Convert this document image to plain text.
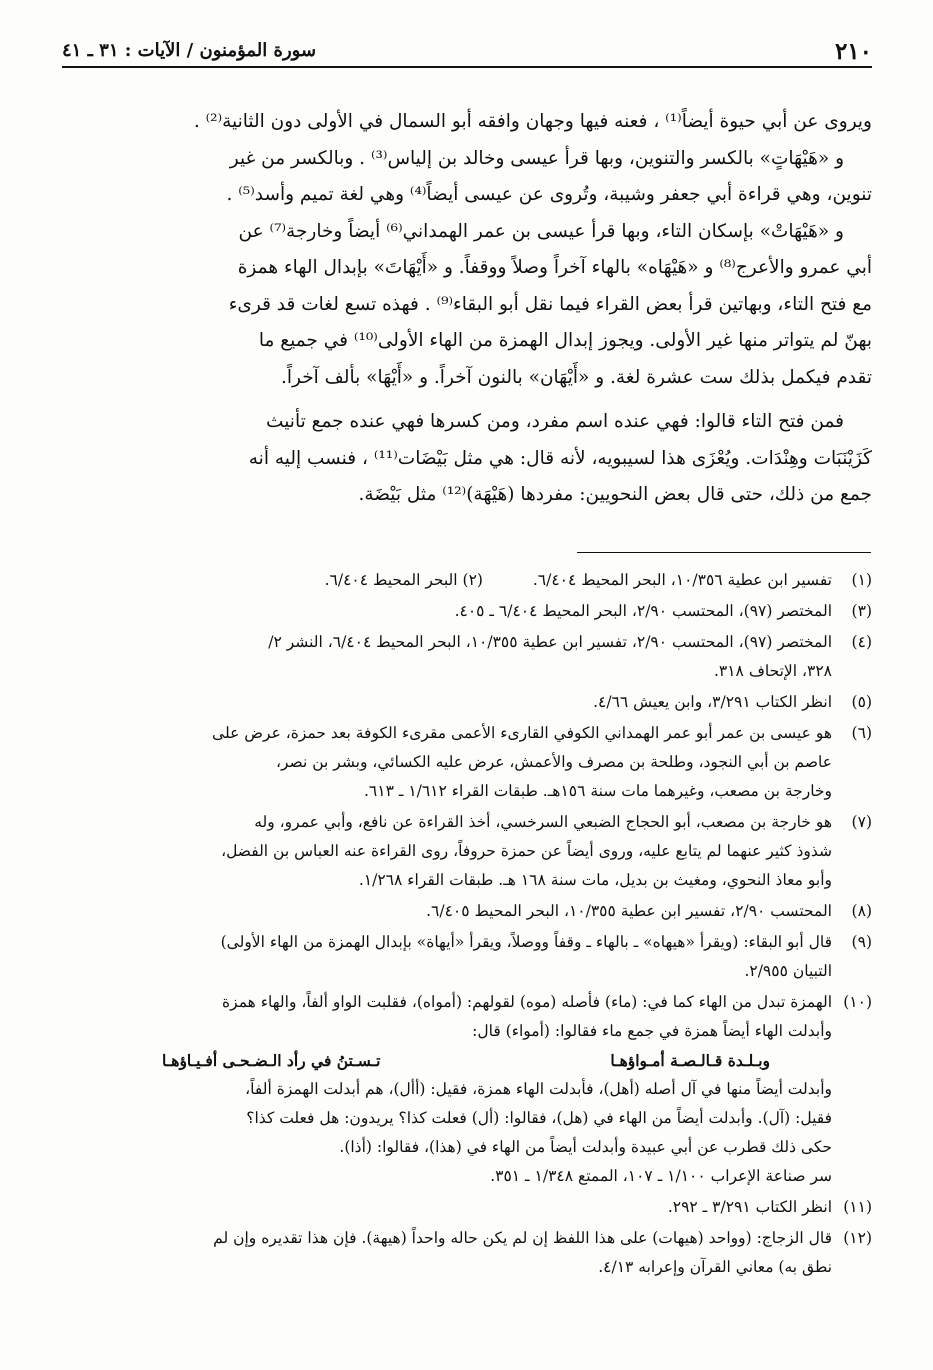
٢١٠
سورة المؤمنون / الآيات : ٣١ ـ ٤١

ويروى عن أبي حيوة أيضاً⁽¹⁾ ، فعنه فيها وجهان وافقه أبو السمال في الأولى دون الثانية⁽²⁾ .
و «هَيْهَاتٍ» بالكسر والتنوين، وبها قرأ عيسى وخالد بن إلياس⁽³⁾ . وبالكسر من غير
تنوين، وهي قراءة أبي جعفر وشيبة، وتُروى عن عيسى أيضاً⁽⁴⁾ وهي لغة تميم وأسد⁽⁵⁾ .
و «هَيْهَاتْ» بإسكان التاء، وبها قرأ عيسى بن عمر الهمداني⁽⁶⁾ أيضاً وخارجة⁽⁷⁾ عن
أبي عمرو والأعرج⁽⁸⁾ و «هَيْهَاه» بالهاء آخراً وصلاً ووقفاً. و «أَيْهَاتَ» بإبدال الهاء همزة
مع فتح التاء، وبهاتين قرأ بعض القراء فيما نقل أبو البقاء⁽⁹⁾ . فهذه تسع لغات قد قرىء
بهنّ لم يتواتر منها غير الأولى. ويجوز إبدال الهمزة من الهاء الأولى⁽¹⁰⁾ في جميع ما
تقدم فيكمل بذلك ست عشرة لغة. و «أَيْهَان» بالنون آخراً. و «أَيْهَا» بألف آخراً.

فمن فتح التاء قالوا: فهي عنده اسم مفرد، ومن كسرها فهي عنده جمع تأنيث
كَزَيْنَبَات وهِنْدَات. ويُعْزَى هذا لسيبويه، لأنه قال: هي مثل بَيْضَات⁽¹¹⁾ ، فنسب إليه أنه
جمع من ذلك، حتى قال بعض النحويين: مفردها (هَيْهَة)⁽¹²⁾ مثل بَيْضَة.

(١)
تفسير ابن عطية ١٠/٣٥٦، البحر المحيط ٦/٤٠٤.  (٢) البحر المحيط ٦/٤٠٤.
(٣)
المختصر (٩٧)، المحتسب ٢/٩٠، البحر المحيط ٦/٤٠٤ ـ ٤٠٥.
(٤)
المختصر (٩٧)، المحتسب ٢/٩٠، تفسير ابن عطية ١٠/٣٥٥، البحر المحيط ٦/٤٠٤، النشر ٢/
٣٢٨، الإتحاف ٣١٨.
(٥)
انظر الكتاب ٣/٢٩١، وابن يعيش ٤/٦٦.
(٦)
هو عيسى بن عمر أبو عمر الهمداني الكوفي القارىء الأعمى مقرىء الكوفة بعد حمزة، عرض على
عاصم بن أبي النجود، وطلحة بن مصرف والأعمش، عرض عليه الكسائي، وبشر بن نصر،
وخارجة بن مصعب، وغيرهما مات سنة ١٥٦هـ. طبقات القراء ١/٦١٢ ـ ٦١٣.
(٧)
هو خارجة بن مصعب، أبو الحجاج الضبعي السرخسي، أخذ القراءة عن نافع، وأبي عمرو، وله
شذوذ كثير عنهما لم يتابع عليه، وروى أيضاً عن حمزة حروفاً، روى القراءة عنه العباس بن الفضل،
وأبو معاذ النحوي، ومغيث بن بديل، مات سنة ١٦٨ هـ. طبقات القراء ١/٢٦٨.
(٨)
المحتسب ٢/٩٠، تفسير ابن عطية ١٠/٣٥٥، البحر المحيط ٦/٤٠٥.
(٩)
قال أبو البقاء: (ويقرأ «هيهاه» ـ بالهاء ـ وقفاً ووصلاً، ويقرأ «أيهاة» بإبدال الهمزة من الهاء الأولى)
التبيان ٢/٩٥٥.
(١٠)
الهمزة تبدل من الهاء كما في: (ماء) فأصله (موه) لقولهم: (أمواه)، فقلبت الواو ألفاً، والهاء همزة
وأبدلت الهاء أيضاً همزة في جمع ماء فقالوا: (أمواء) قال:
وبـلـدة قـالـصـة أمـواؤهـا
تـسـتنُ في رأد الـضـحـى أفـيـاؤهـا
وأبدلت أيضاً منها في آل أصله (أهل)، فأبدلت الهاء همزة، فقيل: (أأل)، هم أبدلت الهمزة ألفاً،
فقيل: (آل). وأبدلت أيضاً من الهاء في (هل)، فقالوا: (أل) فعلت كذا؟ يريدون: هل فعلت كذا؟
حكى ذلك قطرب عن أبي عبيدة وأبدلت أيضاً من الهاء في (هذا)، فقالوا: (أذا).
سر صناعة الإعراب ١/١٠٠ ـ ١٠٧، الممتع ١/٣٤٨ ـ ٣٥١.
(١١)
انظر الكتاب ٣/٢٩١ ـ ٢٩٢.
(١٢)
قال الزجاج: (وواحد (هيهات) على هذا اللفظ إن لم يكن حاله واحداً (هيهة). فإن هذا تقديره وإن لم
نطق به) معاني القرآن وإعرابه ٤/١٣.
